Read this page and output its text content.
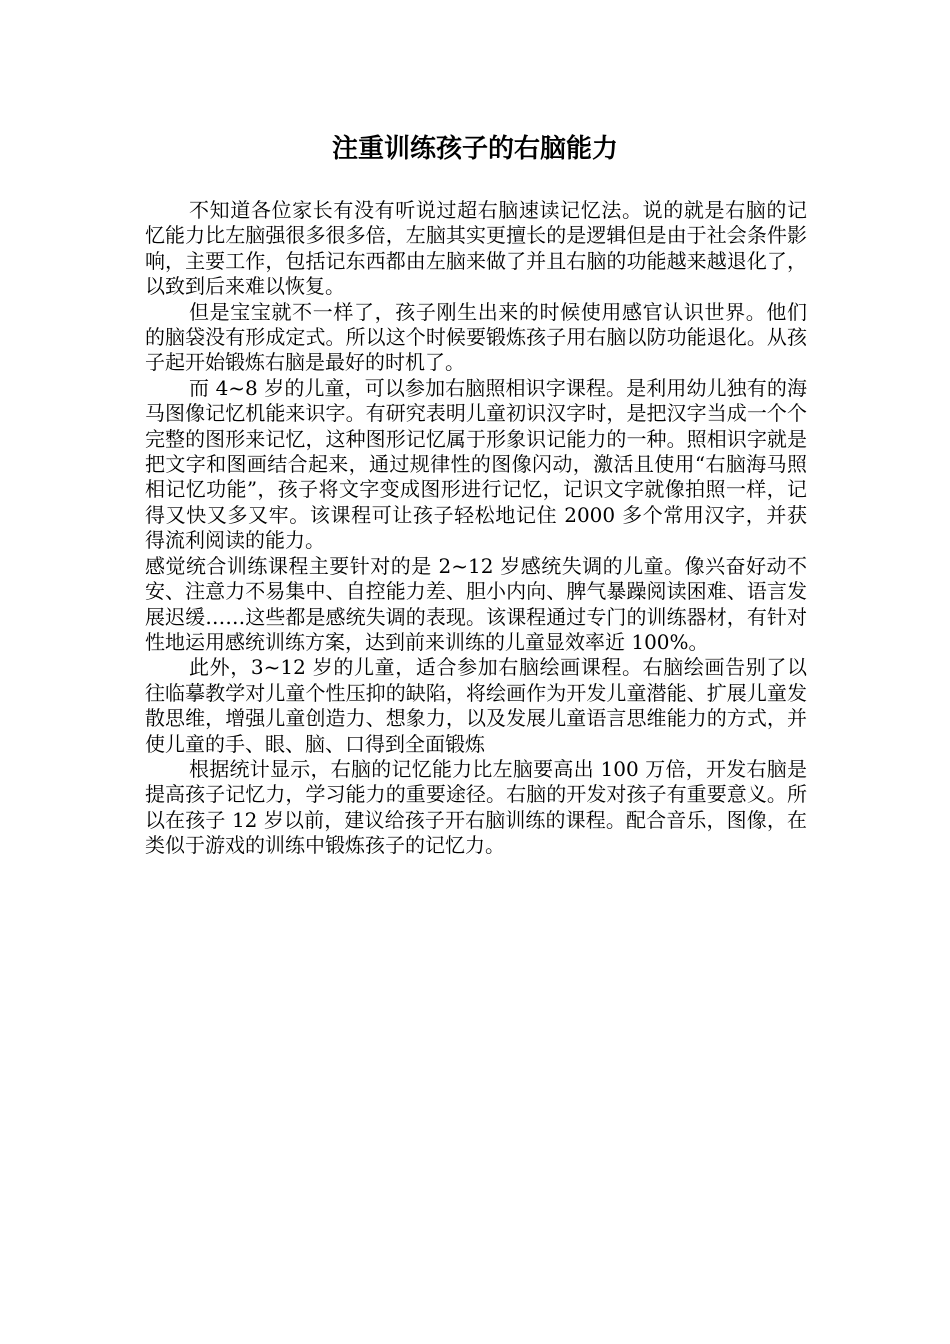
注重训练孩子的右脑能力

不知道各位家长有没有听说过超右脑速读记忆法。说的就是右脑的记忆能力比左脑强很多很多倍，左脑其实更擅长的是逻辑但是由于社会条件影响，主要工作，包括记东西都由左脑来做了并且右脑的功能越来越退化了，以致到后来难以恢复。

但是宝宝就不一样了，孩子刚生出来的时候使用感官认识世界。他们的脑袋没有形成定式。所以这个时候要锻炼孩子用右脑以防功能退化。从孩子起开始锻炼右脑是最好的时机了。

而 4~8 岁的儿童，可以参加右脑照相识字课程。是利用幼儿独有的海马图像记忆机能来识字。有研究表明儿童初识汉字时，是把汉字当成一个个完整的图形来记忆，这种图形记忆属于形象识记能力的一种。照相识字就是把文字和图画结合起来，通过规律性的图像闪动，激活且使用“右脑海马照相记忆功能”，孩子将文字变成图形进行记忆，记识文字就像拍照一样，记得又快又多又牢。该课程可让孩子轻松地记住 2000 多个常用汉字，并获得流利阅读的能力。

感觉统合训练课程主要针对的是 2~12 岁感统失调的儿童。像兴奋好动不安、注意力不易集中、自控能力差、胆小内向、脾气暴躁阅读困难、语言发展迟缓……这些都是感统失调的表现。该课程通过专门的训练器材，有针对性地运用感统训练方案，达到前来训练的儿童显效率近 100%。

此外，3~12 岁的儿童，适合参加右脑绘画课程。右脑绘画告别了以往临摹教学对儿童个性压抑的缺陷，将绘画作为开发儿童潜能、扩展儿童发散思维，增强儿童创造力、想象力，以及发展儿童语言思维能力的方式，并使儿童的手、眼、脑、口得到全面锻炼

根据统计显示，右脑的记忆能力比左脑要高出 100 万倍，开发右脑是提高孩子记忆力，学习能力的重要途径。右脑的开发对孩子有重要意义。所以在孩子 12 岁以前，建议给孩子开右脑训练的课程。配合音乐，图像，在类似于游戏的训练中锻炼孩子的记忆力。
